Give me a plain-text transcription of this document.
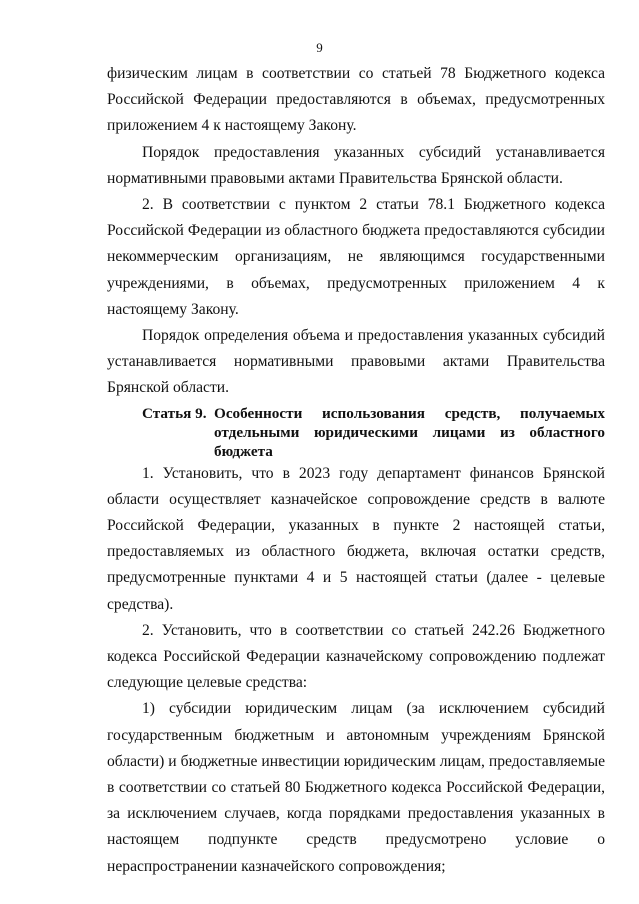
9

физическим лицам в соответствии со статьей 78 Бюджетного кодекса Российской Федерации предоставляются в объемах, предусмотренных приложением 4 к настоящему Закону.

Порядок предоставления указанных субсидий устанавливается нормативными правовыми актами Правительства Брянской области.

2. В соответствии с пунктом 2 статьи 78.1 Бюджетного кодекса Российской Федерации из областного бюджета предоставляются субсидии некоммерческим организациям, не являющимся государственными учреждениями, в объемах, предусмотренных приложением 4 к настоящему Закону.

Порядок определения объема и предоставления указанных субсидий устанавливается нормативными правовыми актами Правительства Брянской области.

Статья 9. Особенности использования средств, получаемых отдельными юридическими лицами из областного бюджета

1. Установить, что в 2023 году департамент финансов Брянской области осуществляет казначейское сопровождение средств в валюте Российской Федерации, указанных в пункте 2 настоящей статьи, предоставляемых из областного бюджета, включая остатки средств, предусмотренные пунктами 4 и 5 настоящей статьи (далее - целевые средства).

2. Установить, что в соответствии со статьей 242.26 Бюджетного кодекса Российской Федерации казначейскому сопровождению подлежат следующие целевые средства:

1) субсидии юридическим лицам (за исключением субсидий государственным бюджетным и автономным учреждениям Брянской области) и бюджетные инвестиции юридическим лицам, предоставляемые в соответствии со статьей 80 Бюджетного кодекса Российской Федерации, за исключением случаев, когда порядками предоставления указанных в настоящем подпункте средств предусмотрено условие о нераспространении казначейского сопровождения;
